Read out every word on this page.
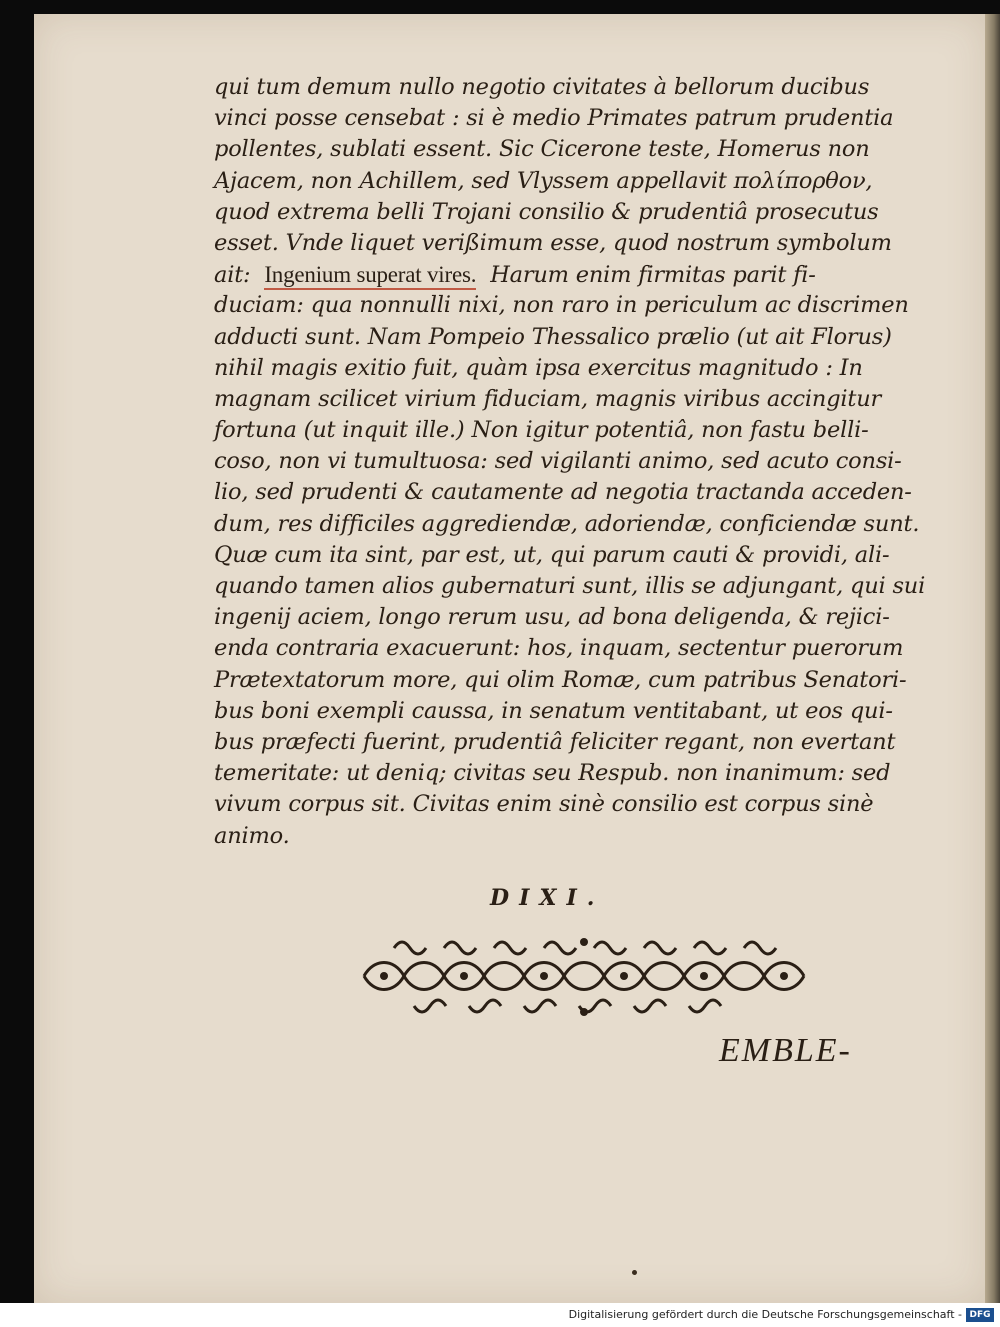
qui tum demum nullo negotio civitates à bellorum ducibus
vinci posse censebat : si è medio Primates patrum prudentia
pollentes, sublati essent. Sic Cicerone teste, Homerus non
Ajacem, non Achillem, sed Vlyssem appellavit πολίπορθον,
quod extrema belli Trojani consilio & prudentiâ prosecutus
esset. Vnde liquet verißimum esse, quod nostrum symbolum
ait: Ingenium superat vires. Harum enim firmitas parit fi-
duciam: qua nonnulli nixi, non raro in periculum ac discrimen
adducti sunt. Nam Pompeio Thessalico prælio (ut ait Florus)
nihil magis exitio fuit, quàm ipsa exercitus magnitudo : In
magnam scilicet virium fiduciam, magnis viribus accingitur
fortuna (ut inquit ille.) Non igitur potentiâ, non fastu belli-
coso, non vi tumultuosa: sed vigilanti animo, sed acuto consi-
lio, sed prudenti & cautamente ad negotia tractanda acceden-
dum, res difficiles aggrediendæ, adoriendæ, conficiendæ sunt.
Quæ cum ita sint, par est, ut, qui parum cauti & providi, ali-
quando tamen alios gubernaturi sunt, illis se adjungant, qui sui
ingenij aciem, longo rerum usu, ad bona deligenda, & rejici-
enda contraria exacuerunt: hos, inquam, sectentur puerorum
Prætextatorum more, qui olim Romæ, cum patribus Senatori-
bus boni exempli caussa, in senatum ventitabant, ut eos qui-
bus præfecti fuerint, prudentiâ feliciter regant, non evertant
temeritate: ut deniq; civitas seu Respub. non inanimum: sed
vivum corpus sit. Civitas enim sinè consilio est corpus sinè
animo.
DIXI.
EMBLE-
Digitalisierung gefördert durch die Deutsche Forschungsgemeinschaft - DFG
